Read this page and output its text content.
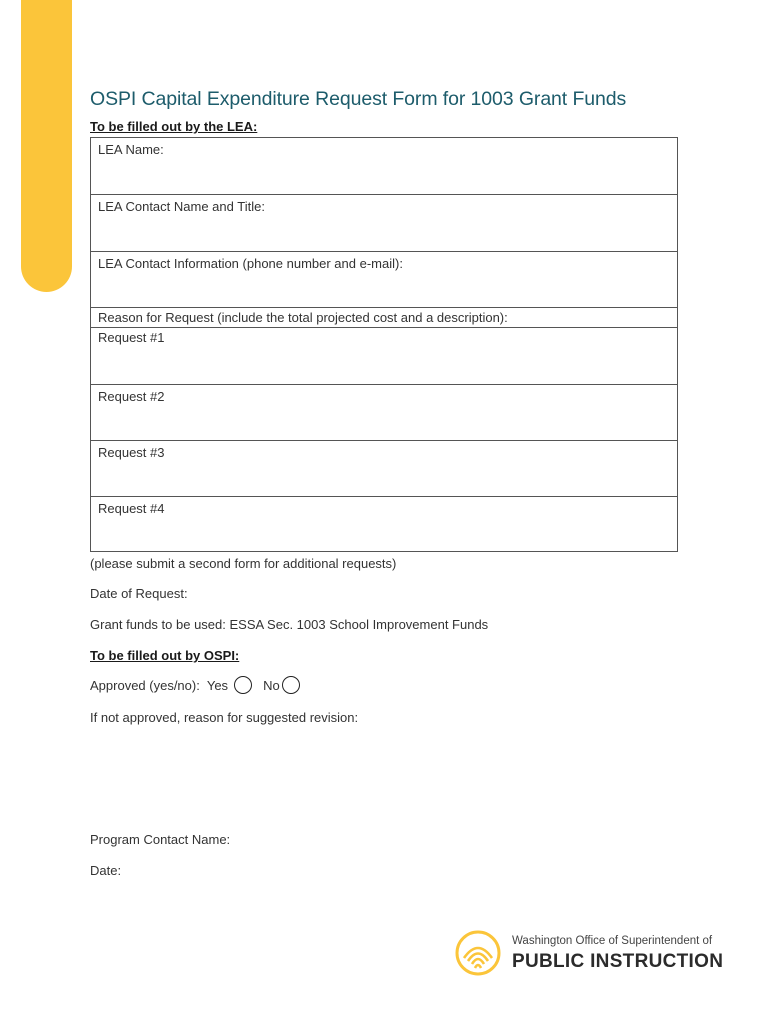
OSPI Capital Expenditure Request Form for 1003 Grant Funds
To be filled out by the LEA:
LEA Name:
LEA Contact Name and Title:
LEA Contact Information (phone number and e-mail):
Reason for Request (include the total projected cost and a description):
Request #1
Request #2
Request #3
Request #4
(please submit a second form for additional requests)
Date of Request:
Grant funds to be used: ESSA Sec. 1003 School Improvement Funds
To be filled out by OSPI:
Approved (yes/no): Yes	No
If not approved, reason for suggested revision:
Program Contact Name:
Date:
Washington Office of Superintendent of
PUBLIC INSTRUCTION
